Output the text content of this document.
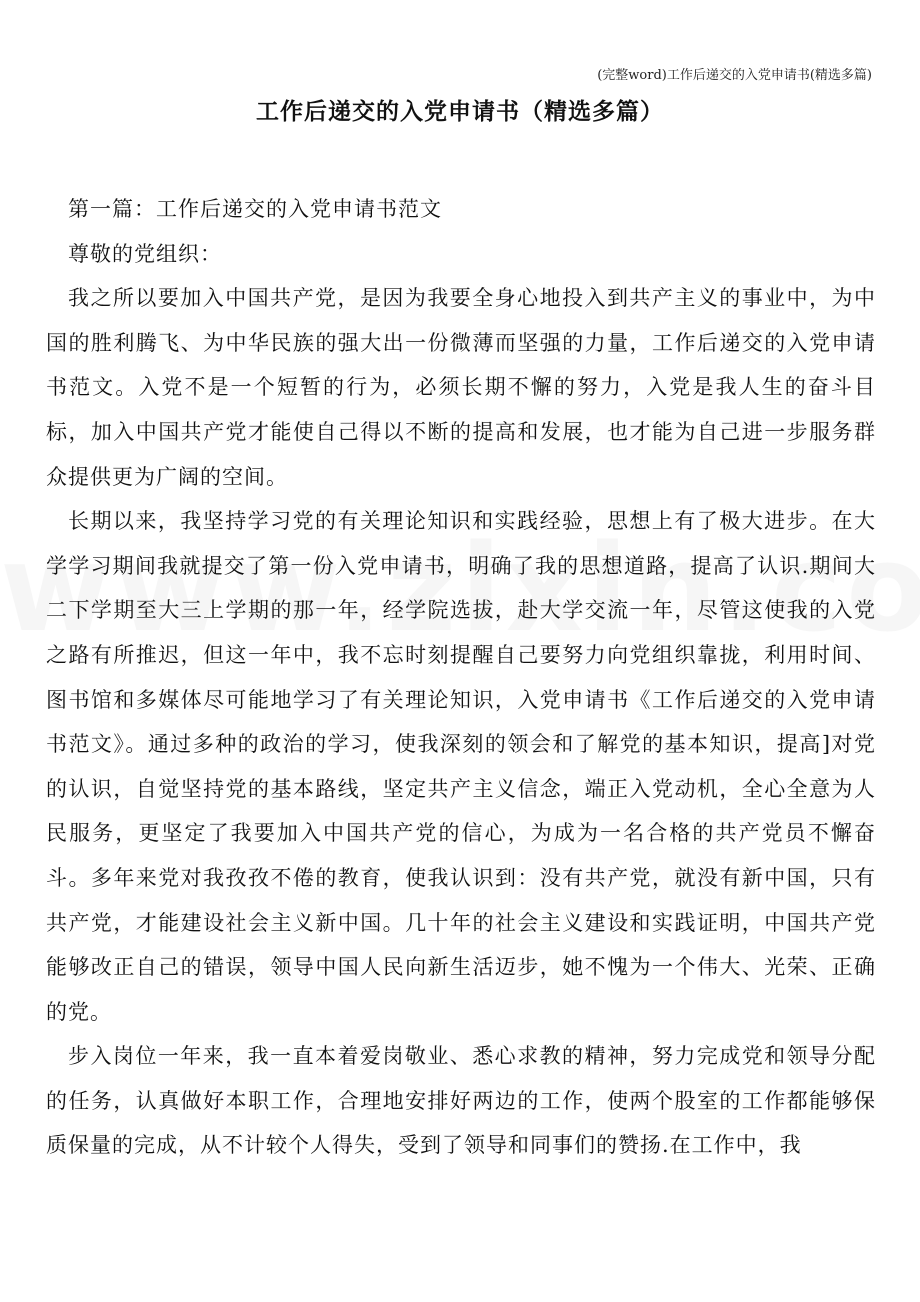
(完整word)工作后递交的入党申请书(精选多篇)
工作后递交的入党申请书（精选多篇）

第一篇：工作后递交的入党申请书范文

尊敬的党组织：

我之所以要加入中国共产党，是因为我要全身心地投入到共产主义的事业中，为中国的胜利腾飞、为中华民族的强大出一份微薄而坚强的力量，工作后递交的入党申请书范文。入党不是一个短暂的行为，必须长期不懈的努力，入党是我人生的奋斗目标，加入中国共产党才能使自己得以不断的提高和发展，也才能为自己进一步服务群众提供更为广阔的空间。

长期以来，我坚持学习党的有关理论知识和实践经验，思想上有了极大进步。在大学学习期间我就提交了第一份入党申请书，明确了我的思想道路，提高了认识.期间大二下学期至大三上学期的那一年，经学院选拔，赴大学交流一年，尽管这使我的入党之路有所推迟，但这一年中，我不忘时刻提醒自己要努力向党组织靠拢，利用时间、图书馆和多媒体尽可能地学习了有关理论知识，入党申请书《工作后递交的入党申请书范文》。通过多种的政治的学习，使我深刻的领会和了解党的基本知识，提高]对党的认识，自觉坚持党的基本路线，坚定共产主义信念，端正入党动机，全心全意为人民服务，更坚定了我要加入中国共产党的信心，为成为一名合格的共产党员不懈奋斗。多年来党对我孜孜不倦的教育，使我认识到：没有共产党，就没有新中国，只有共产党，才能建设社会主义新中国。几十年的社会主义建设和实践证明，中国共产党能够改正自己的错误，领导中国人民向新生活迈步，她不愧为一个伟大、光荣、正确的党。

步入岗位一年来，我一直本着爱岗敬业、悉心求教的精神，努力完成党和领导分配的任务，认真做好本职工作，合理地安排好两边的工作，使两个股室的工作都能够保质保量的完成，从不计较个人得失，受到了领导和同事们的赞扬.在工作中，我
